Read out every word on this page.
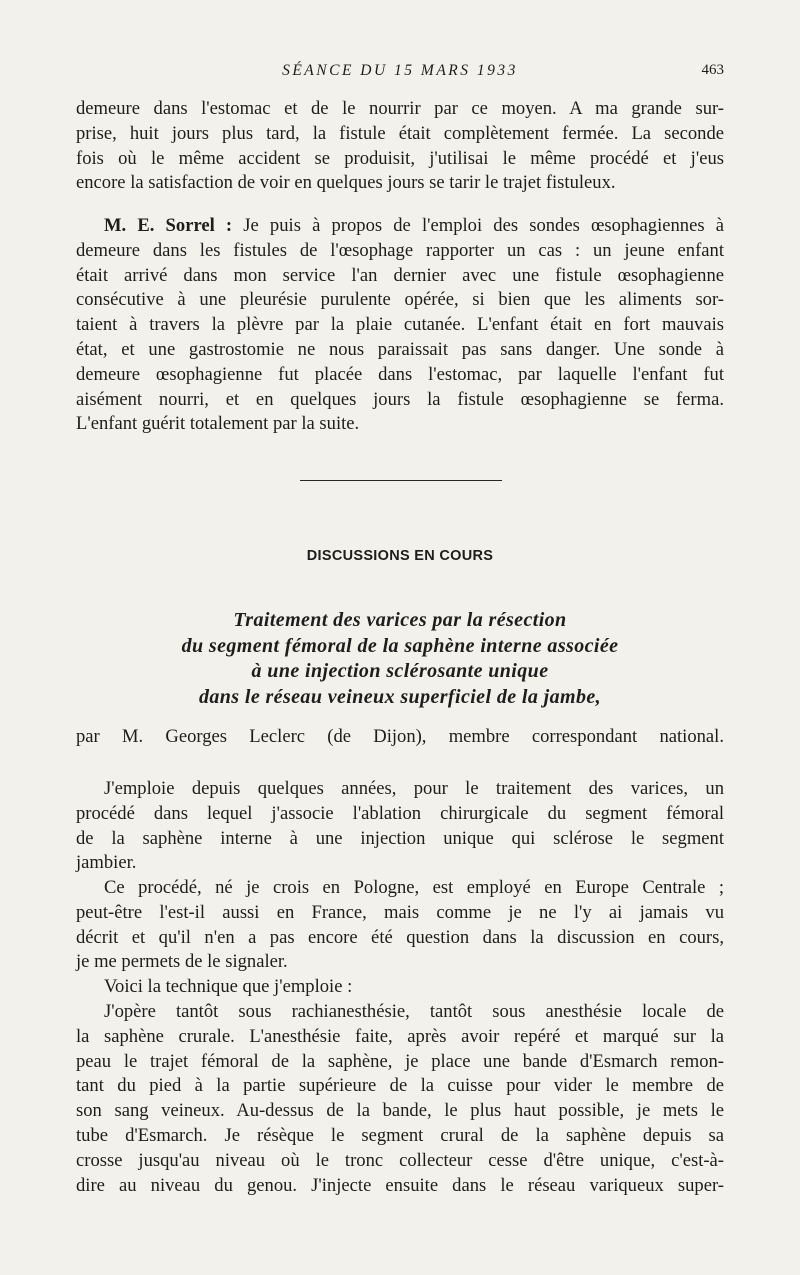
SÉANCE DU 15 MARS 1933	463
demeure dans l'estomac et de le nourrir par ce moyen. A ma grande sur-
prise, huit jours plus tard, la fistule était complètement fermée. La seconde
fois où le même accident se produisit, j'utilisai le même procédé et j'eus
encore la satisfaction de voir en quelques jours se tarir le trajet fistuleux.
M. E. Sorrel : Je puis à propos de l'emploi des sondes œsophagiennes à
demeure dans les fistules de l'œsophage rapporter un cas : un jeune enfant
était arrivé dans mon service l'an dernier avec une fistule œsophagienne
consécutive à une pleurésie purulente opérée, si bien que les aliments sor-
taient à travers la plèvre par la plaie cutanée. L'enfant était en fort mauvais
état, et une gastrostomie ne nous paraissait pas sans danger. Une sonde à
demeure œsophagienne fut placée dans l'estomac, par laquelle l'enfant fut
aisément nourri, et en quelques jours la fistule œsophagienne se ferma.
L'enfant guérit totalement par la suite.
DISCUSSIONS EN COURS
Traitement des varices par la résection
du segment fémoral de la saphène interne associée
à une injection sclérosante unique
dans le réseau veineux superficiel de la jambe,
par M. Georges Leclerc (de Dijon), membre correspondant national.
J'emploie depuis quelques années, pour le traitement des varices, un
procédé dans lequel j'associe l'ablation chirurgicale du segment fémoral
de la saphène interne à une injection unique qui sclérose le segment
jambier.
Ce procédé, né je crois en Pologne, est employé en Europe Centrale ;
peut-être l'est-il aussi en France, mais comme je ne l'y ai jamais vu
décrit et qu'il n'en a pas encore été question dans la discussion en cours,
je me permets de le signaler.
Voici la technique que j'emploie :
J'opère tantôt sous rachianesthésie, tantôt sous anesthésie locale de
la saphène crurale. L'anesthésie faite, après avoir repéré et marqué sur la
peau le trajet fémoral de la saphène, je place une bande d'Esmarch remon-
tant du pied à la partie supérieure de la cuisse pour vider le membre de
son sang veineux. Au-dessus de la bande, le plus haut possible, je mets le
tube d'Esmarch. Je résèque le segment crural de la saphène depuis sa
crosse jusqu'au niveau où le tronc collecteur cesse d'être unique, c'est-à-
dire au niveau du genou. J'injecte ensuite dans le réseau variqueux super-
